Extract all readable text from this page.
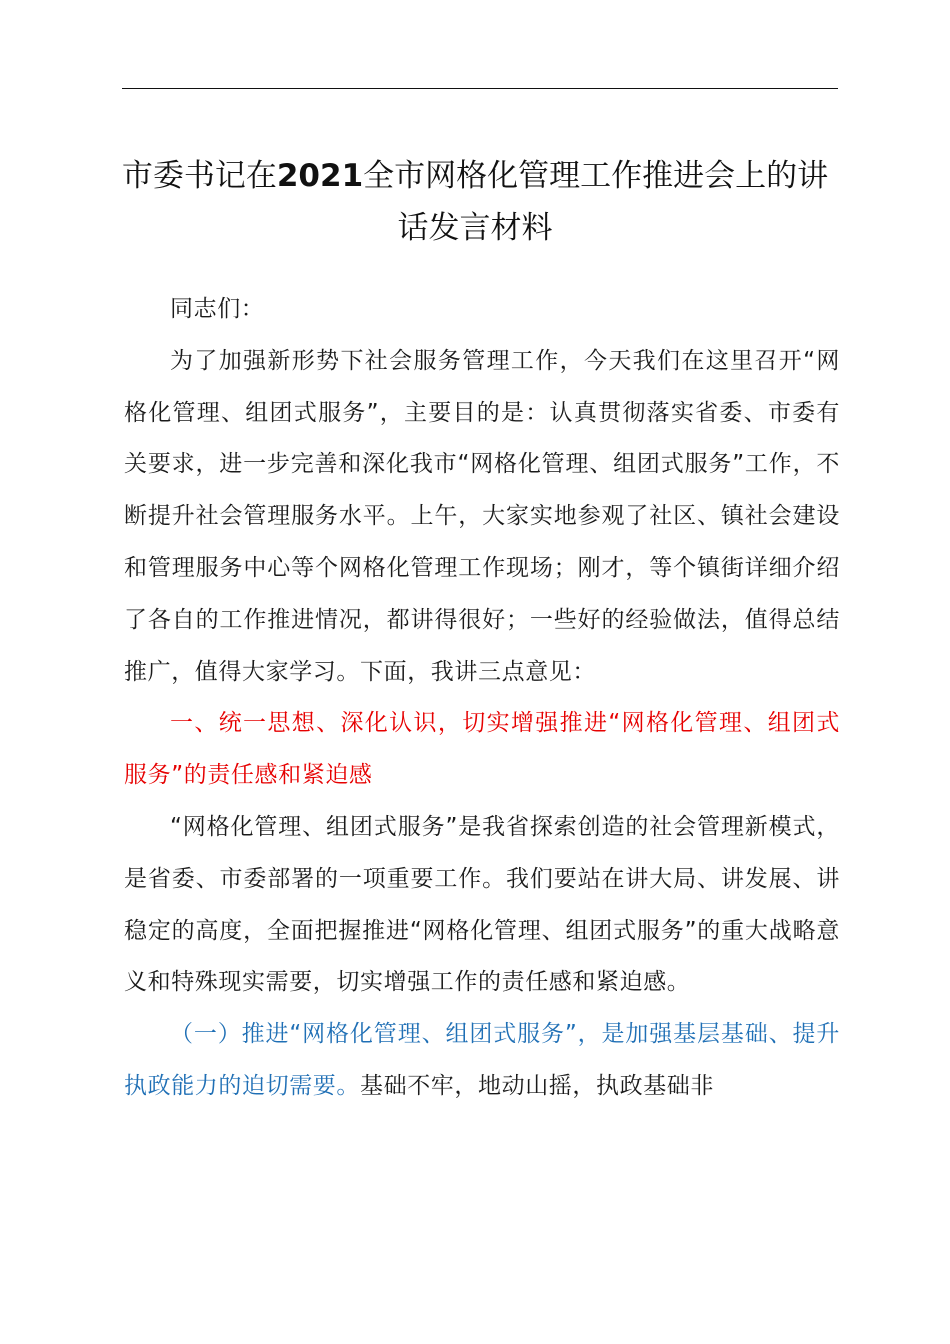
市委书记在2021全市网格化管理工作推进会上的讲话发言材料

同志们：

为了加强新形势下社会服务管理工作，今天我们在这里召开“网格化管理、组团式服务”，主要目的是：认真贯彻落实省委、市委有关要求，进一步完善和深化我市“网格化管理、组团式服务”工作，不断提升社会管理服务水平。上午，大家实地参观了社区、镇社会建设和管理服务中心等个网格化管理工作现场；刚才，等个镇街详细介绍了各自的工作推进情况，都讲得很好；一些好的经验做法，值得总结推广，值得大家学习。下面，我讲三点意见：

一、统一思想、深化认识，切实增强推进“网格化管理、组团式服务”的责任感和紧迫感

“网格化管理、组团式服务”是我省探索创造的社会管理新模式，是省委、市委部署的一项重要工作。我们要站在讲大局、讲发展、讲稳定的高度，全面把握推进“网格化管理、组团式服务”的重大战略意义和特殊现实需要，切实增强工作的责任感和紧迫感。

（一）推进“网格化管理、组团式服务”，是加强基层基础、提升执政能力的迫切需要。基础不牢，地动山摇，执政基础非
